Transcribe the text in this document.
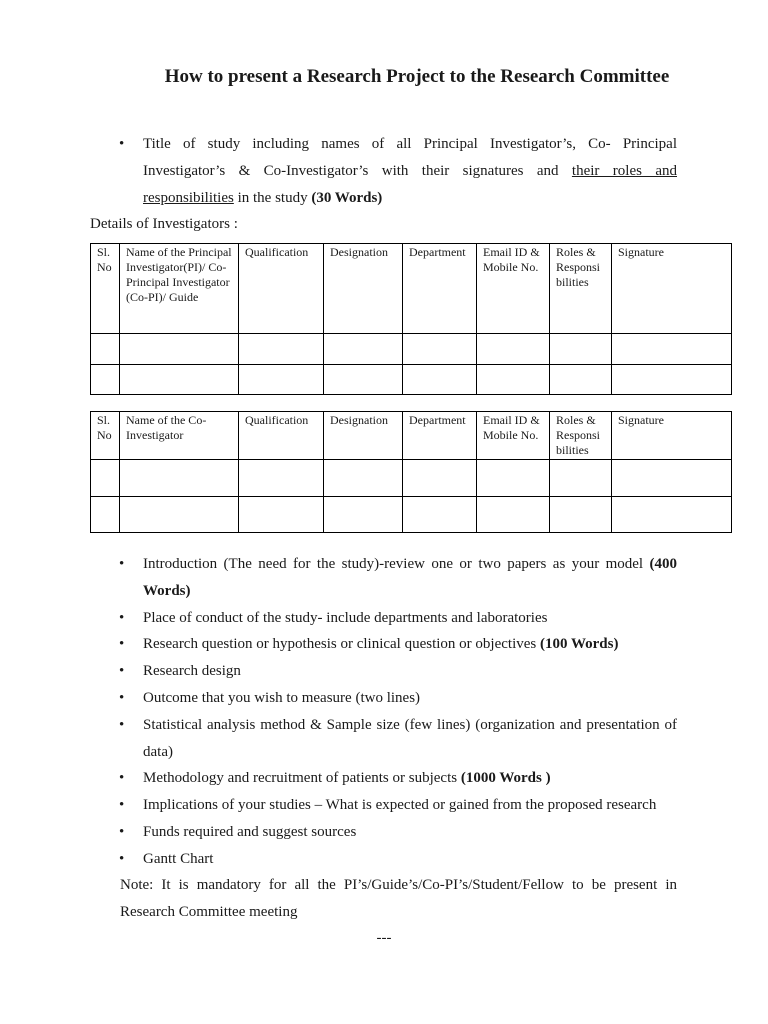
How to present a Research Project to the Research Committee
• Title of study including names of all Principal Investigator’s, Co- Principal Investigator’s & Co-Investigator’s with their signatures and their roles and responsibilities in the study (30 Words)
Details of Investigators :
Sl. No	Name of the Principal Investigator(PI)/ Co-Principal Investigator (Co-PI)/ Guide	Qualification	Designation	Department	Email ID & Mobile No.	Roles & Responsi bilities	Signature

Sl. No	Name of the Co-Investigator	Qualification	Designation	Department	Email ID & Mobile No.	Roles & Responsi bilities	Signature

• Introduction (The need for the study)-review one or two papers as your model (400 Words)
• Place of conduct of the study- include departments and laboratories
• Research question or hypothesis or clinical question or objectives (100 Words)
• Research design
• Outcome that you wish to measure (two lines)
• Statistical analysis method & Sample size (few lines) (organization and presentation of data)
• Methodology and recruitment of patients or subjects (1000 Words )
• Implications of your studies – What is expected or gained from the proposed research
• Funds required and suggest sources
• Gantt Chart
Note: It is mandatory for all the PI’s/Guide’s/Co-PI’s/Student/Fellow to be present in Research Committee meeting
---
